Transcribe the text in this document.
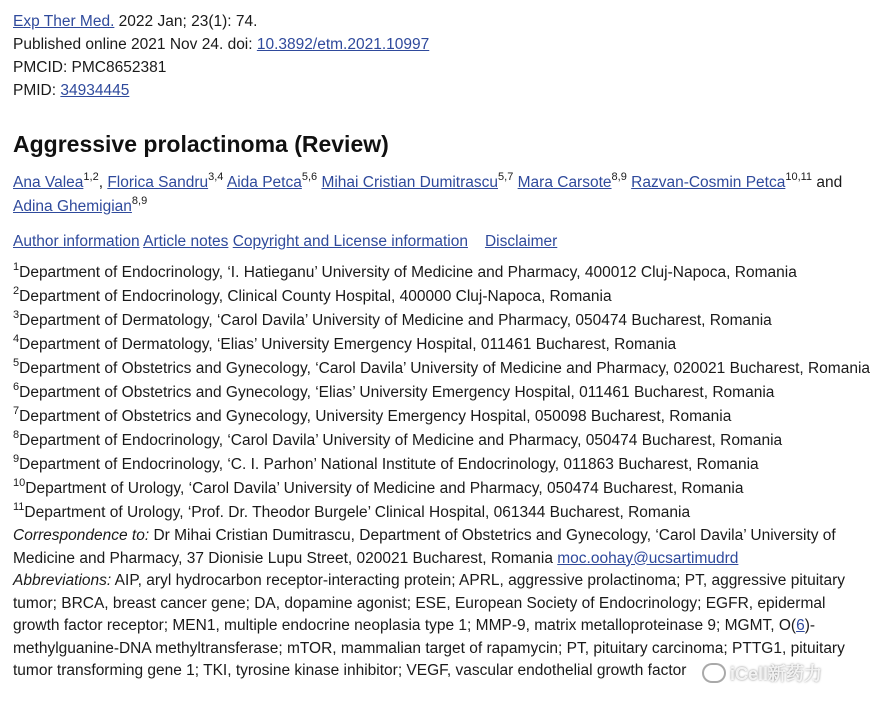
Exp Ther Med. 2022 Jan; 23(1): 74.
Published online 2021 Nov 24. doi: 10.3892/etm.2021.10997
PMCID: PMC8652381
PMID: 34934445
Aggressive prolactinoma (Review)
Ana Valea$^{1,2}$, Florica Sandru$^{3,4}$ Aida Petca$^{5,6}$ Mihai Cristian Dumitrascu$^{5,7}$ Mara Carsote$^{8,9}$ Razvan-Cosmin Petca$^{10,11}$ and Adina Ghemigian$^{8,9}$
Author information Article notes Copyright and License information Disclaimer
$^1$Department of Endocrinology, ‘I. Hatieganu’ University of Medicine and Pharmacy, 400012 Cluj-Napoca, Romania
$^2$Department of Endocrinology, Clinical County Hospital, 400000 Cluj-Napoca, Romania
$^3$Department of Dermatology, ‘Carol Davila’ University of Medicine and Pharmacy, 050474 Bucharest, Romania
$^4$Department of Dermatology, ‘Elias’ University Emergency Hospital, 011461 Bucharest, Romania
$^5$Department of Obstetrics and Gynecology, ‘Carol Davila’ University of Medicine and Pharmacy, 020021 Bucharest, Romania
$^6$Department of Obstetrics and Gynecology, ‘Elias’ University Emergency Hospital, 011461 Bucharest, Romania
$^7$Department of Obstetrics and Gynecology, University Emergency Hospital, 050098 Bucharest, Romania
$^8$Department of Endocrinology, ‘Carol Davila’ University of Medicine and Pharmacy, 050474 Bucharest, Romania
$^9$Department of Endocrinology, ‘C. I. Parhon’ National Institute of Endocrinology, 011863 Bucharest, Romania
$^{10}$Department of Urology, ‘Carol Davila’ University of Medicine and Pharmacy, 050474 Bucharest, Romania
$^{11}$Department of Urology, ‘Prof. Dr. Theodor Burgele’ Clinical Hospital, 061344 Bucharest, Romania
Correspondence to: Dr Mihai Cristian Dumitrascu, Department of Obstetrics and Gynecology, ‘Carol Davila’ University of Medicine and Pharmacy, 37 Dionisie Lupu Street, 020021 Bucharest, Romania moc.oohay@ucsartimudrd
Abbreviations: AIP, aryl hydrocarbon receptor-interacting protein; APRL, aggressive prolactinoma; PT, aggressive pituitary tumor; BRCA, breast cancer gene; DA, dopamine agonist; ESE, European Society of Endocrinology; EGFR, epidermal growth factor receptor; MEN1, multiple endocrine neoplasia type 1; MMP-9, matrix metalloproteinase 9; MGMT, O(6)-methylguanine-DNA methyltransferase; mTOR, mammalian target of rapamycin; PT, pituitary carcinoma; PTTG1, pituitary tumor transforming gene 1; TKI, tyrosine kinase inhibitor; VEGF, vascular endothelial growth factor	iCell新药力
